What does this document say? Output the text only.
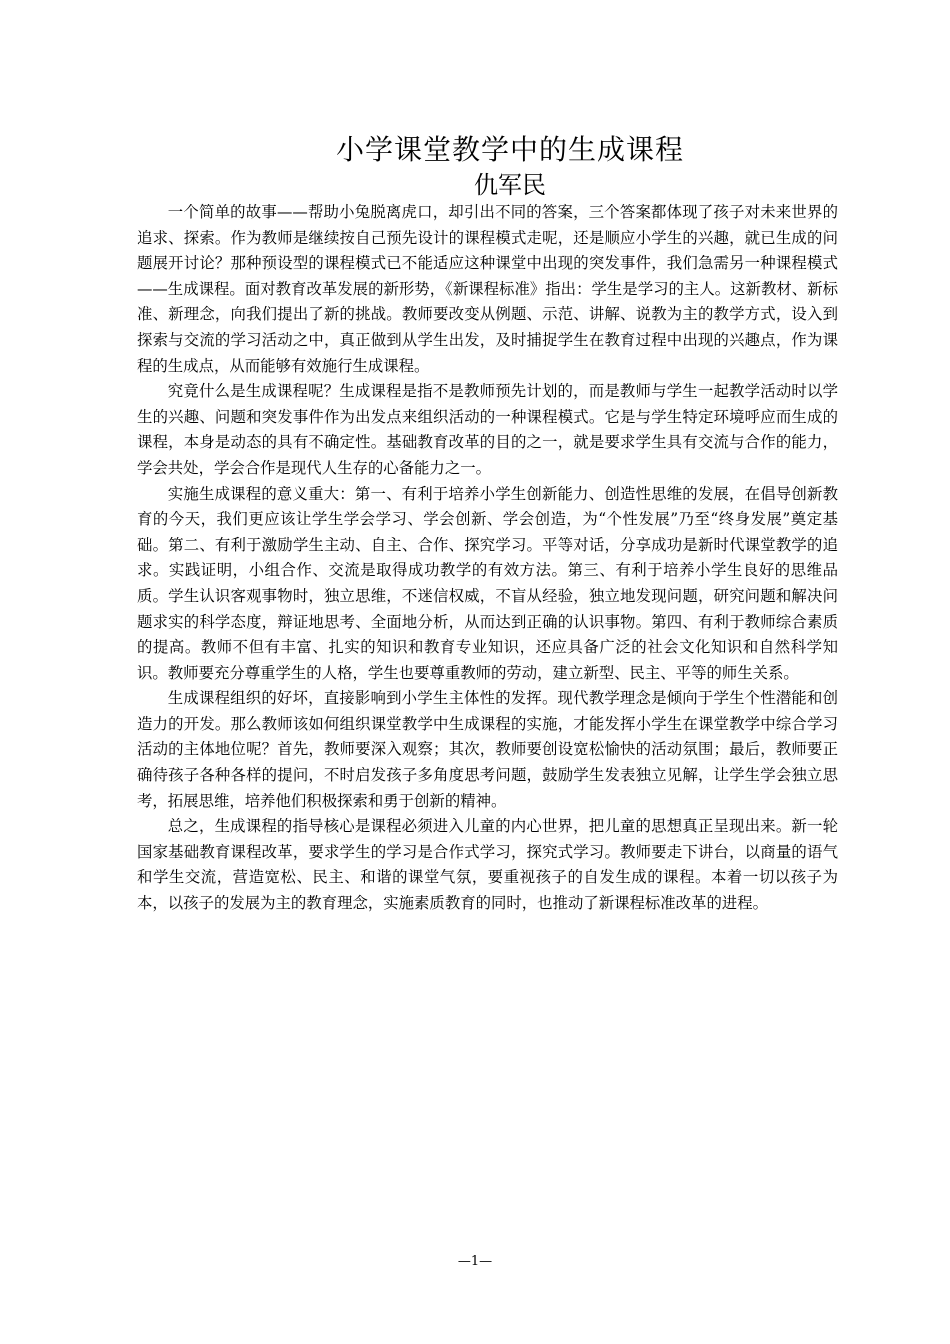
小学课堂教学中的生成课程
仇军民

一个简单的故事——帮助小兔脱离虎口，却引出不同的答案，三个答案都体现了孩子对未来世界的追求、探索。作为教师是继续按自己预先设计的课程模式走呢，还是顺应小学生的兴趣，就已生成的问题展开讨论？那种预设型的课程模式已不能适应这种课堂中出现的突发事件，我们急需另一种课程模式——生成课程。面对教育改革发展的新形势，《新课程标准》指出：学生是学习的主人。这新教材、新标准、新理念，向我们提出了新的挑战。教师要改变从例题、示范、讲解、说教为主的教学方式，设入到探索与交流的学习活动之中，真正做到从学生出发，及时捕捉学生在教育过程中出现的兴趣点，作为课程的生成点，从而能够有效施行生成课程。

究竟什么是生成课程呢？生成课程是指不是教师预先计划的，而是教师与学生一起教学活动时以学生的兴趣、问题和突发事件作为出发点来组织活动的一种课程模式。它是与学生特定环境呼应而生成的课程，本身是动态的具有不确定性。基础教育改革的目的之一，就是要求学生具有交流与合作的能力，学会共处，学会合作是现代人生存的心备能力之一。

实施生成课程的意义重大：第一、有利于培养小学生创新能力、创造性思维的发展，在倡导创新教育的今天，我们更应该让学生学会学习、学会创新、学会创造，为“个性发展”乃至“终身发展”奠定基础。第二、有利于激励学生主动、自主、合作、探究学习。平等对话，分享成功是新时代课堂教学的追求。实践证明，小组合作、交流是取得成功教学的有效方法。第三、有利于培养小学生良好的思维品质。学生认识客观事物时，独立思维，不迷信权威，不盲从经验，独立地发现问题，研究问题和解决问题求实的科学态度，辩证地思考、全面地分析，从而达到正确的认识事物。第四、有利于教师综合素质的提高。教师不但有丰富、扎实的知识和教育专业知识，还应具备广泛的社会文化知识和自然科学知识。教师要充分尊重学生的人格，学生也要尊重教师的劳动，建立新型、民主、平等的师生关系。

生成课程组织的好坏，直接影响到小学生主体性的发挥。现代教学理念是倾向于学生个性潜能和创造力的开发。那么教师该如何组织课堂教学中生成课程的实施，才能发挥小学生在课堂教学中综合学习活动的主体地位呢？首先，教师要深入观察；其次，教师要创设宽松愉快的活动氛围；最后，教师要正确待孩子各种各样的提问，不时启发孩子多角度思考问题，鼓励学生发表独立见解，让学生学会独立思考，拓展思维，培养他们积极探索和勇于创新的精神。

总之，生成课程的指导核心是课程必须进入儿童的内心世界，把儿童的思想真正呈现出来。新一轮国家基础教育课程改革，要求学生的学习是合作式学习，探究式学习。教师要走下讲台，以商量的语气和学生交流，营造宽松、民主、和谐的课堂气氛，要重视孩子的自发生成的课程。本着一切以孩子为本，以孩子的发展为主的教育理念，实施素质教育的同时，也推动了新课程标准改革的进程。

—1—
